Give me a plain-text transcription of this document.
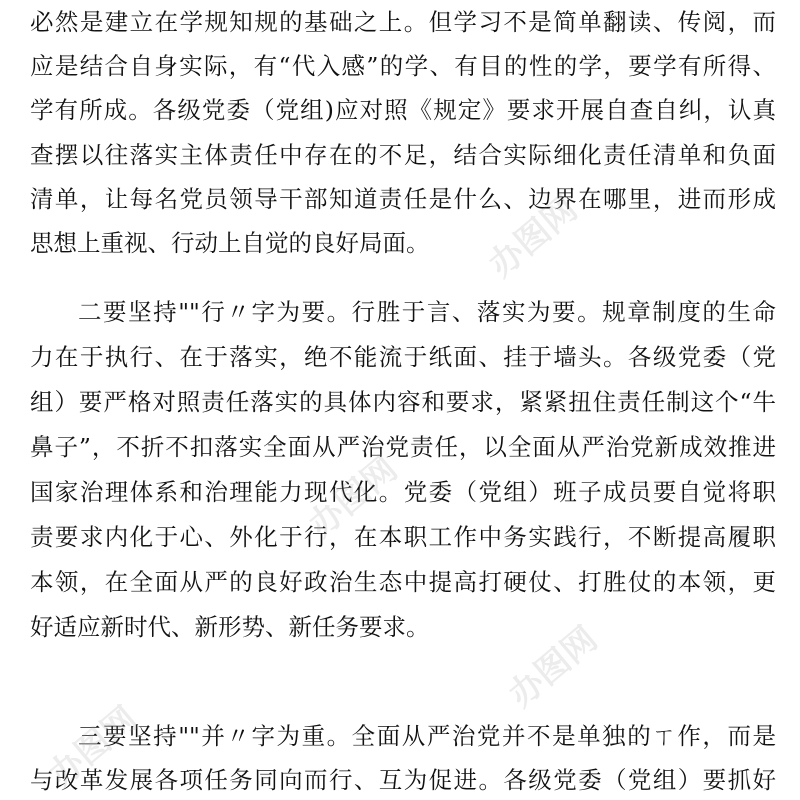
必然是建立在学规知规的基础之上。但学习不是简单翻读、传阅，而
应是结合自身实际，有“代入感”的学、有目的性的学，要学有所得、
学有所成。各级党委（党组)应对照《规定》要求开展自查自纠，认真
查摆以往落实主体责任中存在的不足，结合实际细化责任清单和负面
清单，让每名党员领导干部知道责任是什么、边界在哪里，进而形成
思想上重视、行动上自觉的良好局面。
二要坚持""行〃字为要。行胜于言、落实为要。规章制度的生命
力在于执行、在于落实，绝不能流于纸面、挂于墙头。各级党委（党
组）要严格对照责任落实的具体内容和要求，紧紧扭住责任制这个“牛
鼻子”，不折不扣落实全面从严治党责任，以全面从严治党新成效推进
国家治理体系和治理能力现代化。党委（党组）班子成员要自觉将职
责要求内化于心、外化于行，在本职工作中务实践行，不断提高履职
本领，在全面从严的良好政治生态中提高打硬仗、打胜仗的本领，更
好适应新时代、新形势、新任务要求。
三要坚持""并〃字为重。全面从严治党并不是单独的ㄒ作，而是
与改革发展各项任务同向而行、互为促进。各级党委（党组）要抓好
办图网
办图网
办图网
办图网
